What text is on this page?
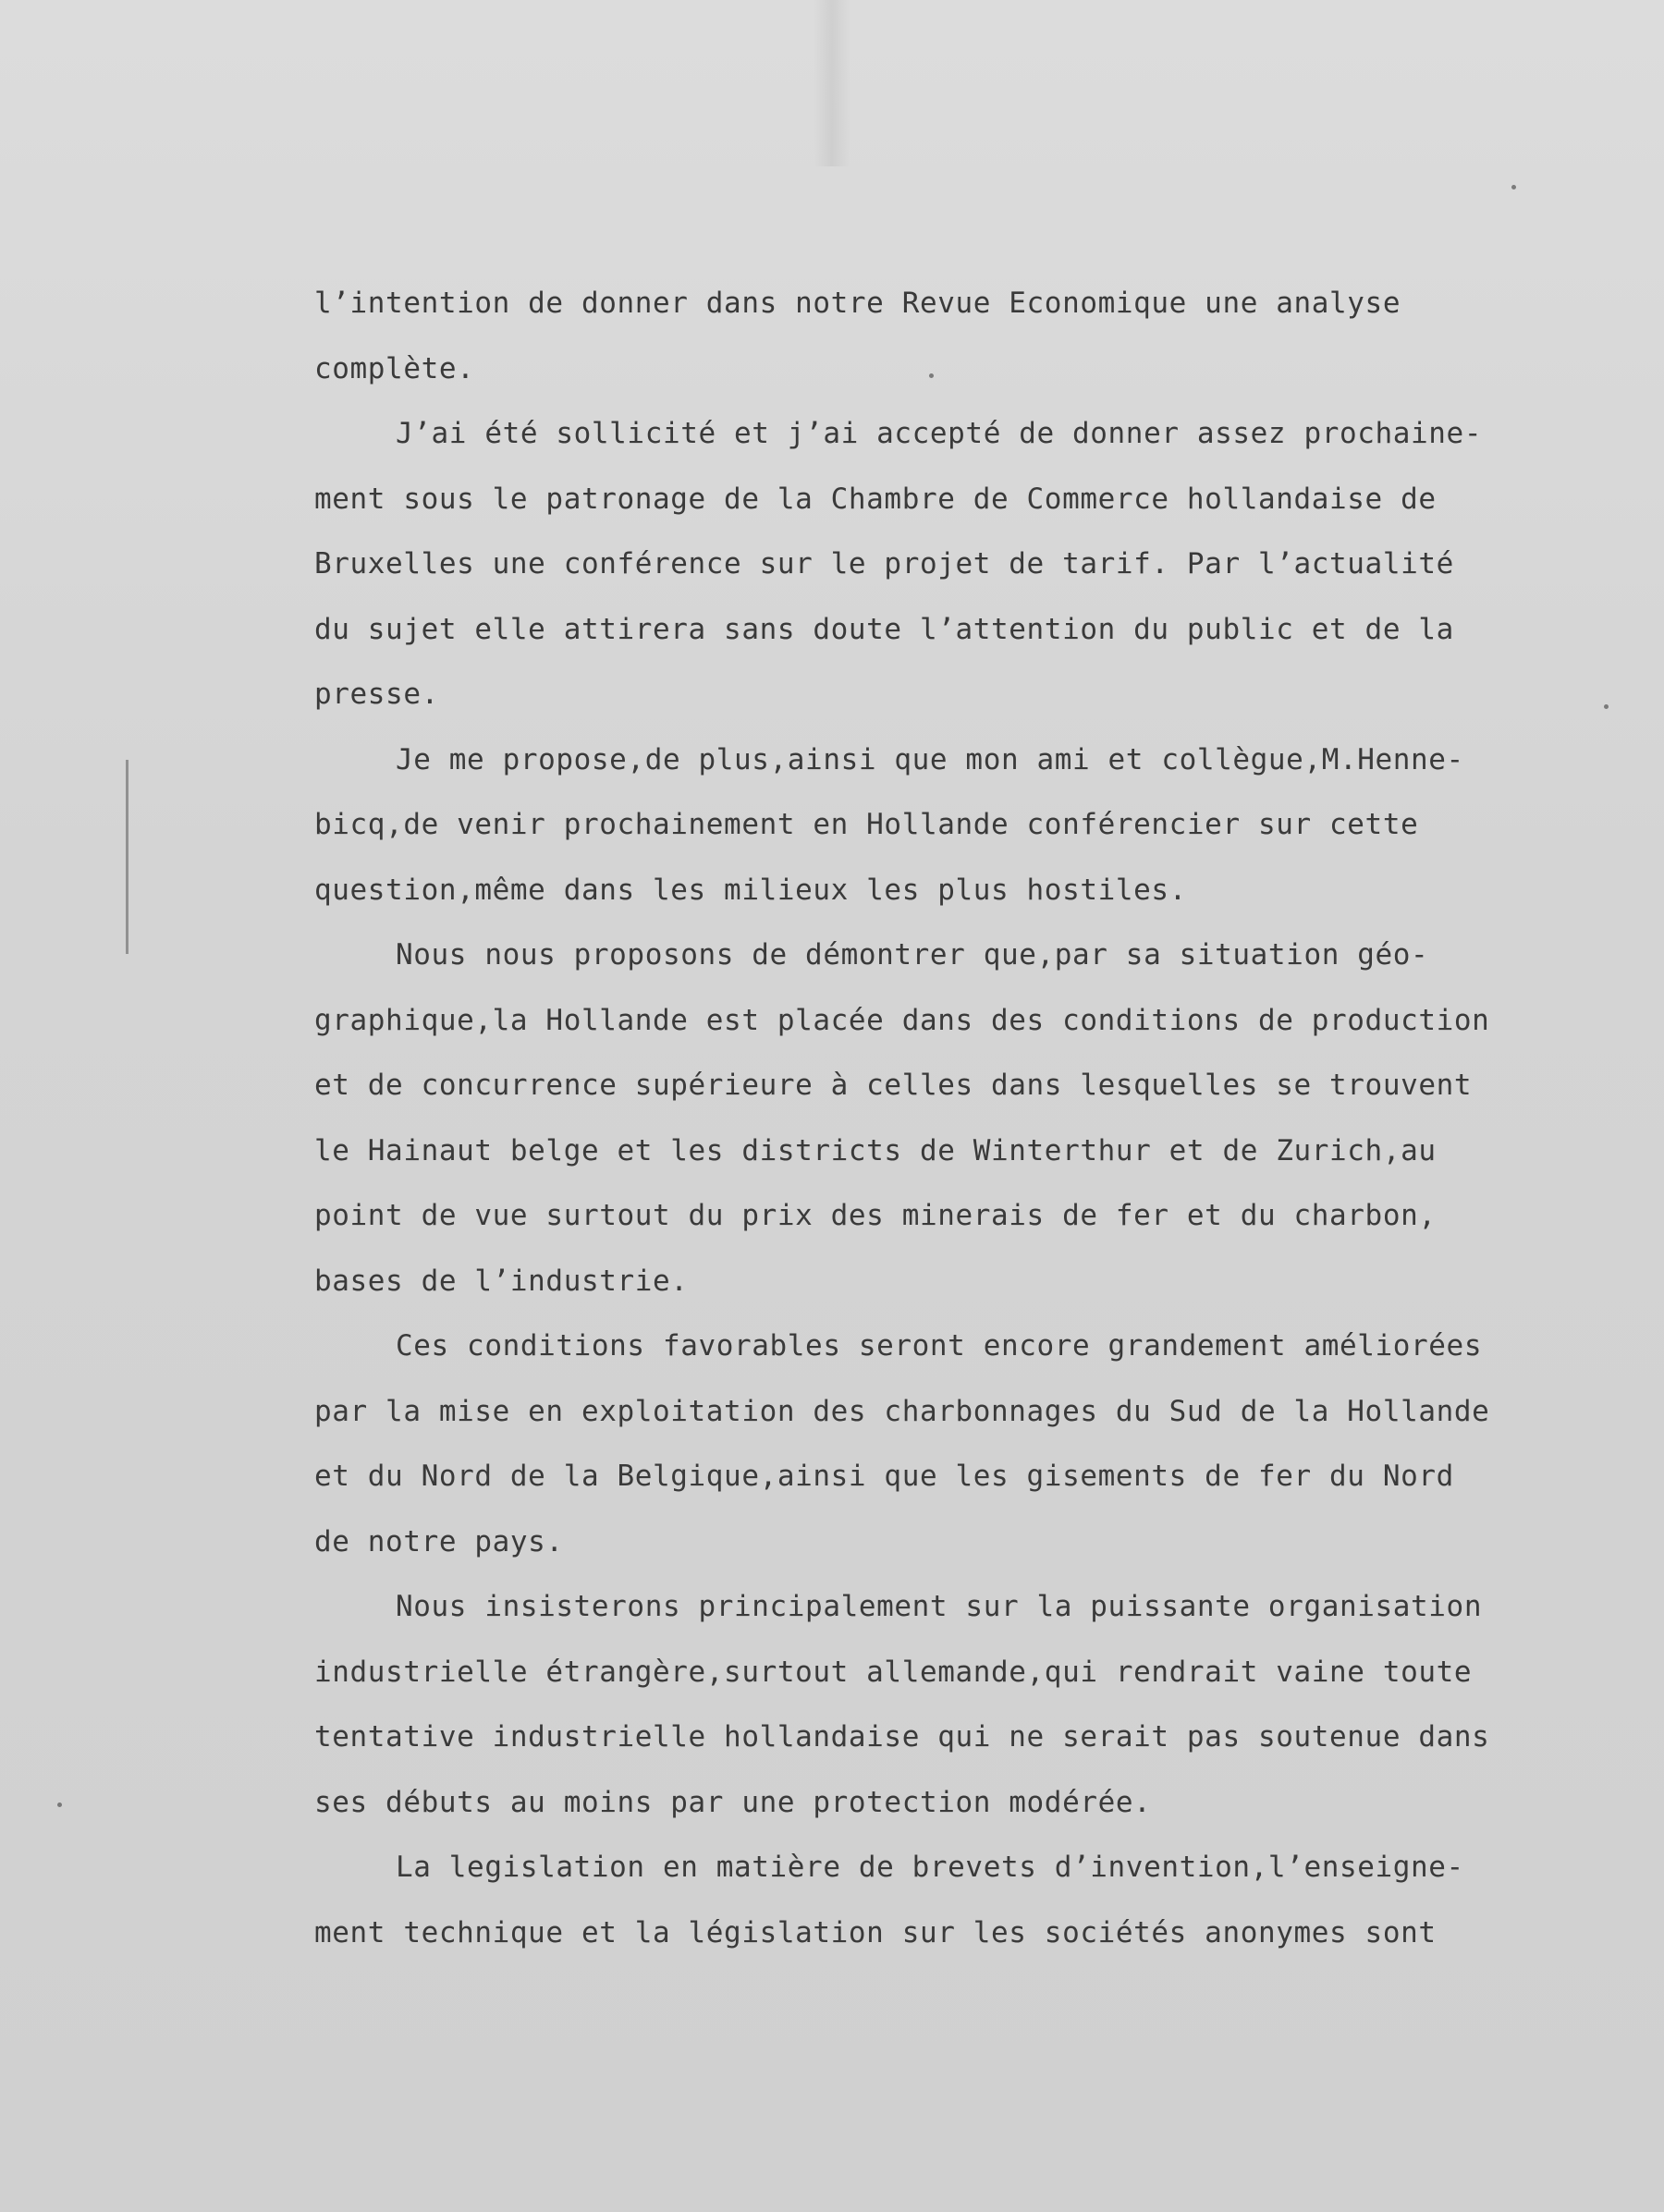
l’intention de donner dans notre Revue Economique une analyse
complète.
J’ai été sollicité et j’ai accepté de donner assez prochaine-
ment sous le patronage de la Chambre de Commerce hollandaise de
Bruxelles une conférence sur le projet de tarif. Par l’actualité
du sujet elle attirera sans doute l’attention du public et de la
presse.
Je me propose,de plus,ainsi que mon ami et collègue,M.Henne-
bicq,de venir prochainement en Hollande conférencier sur cette
question,même dans les milieux les plus hostiles.
Nous nous proposons de démontrer que,par sa situation géo-
graphique,la Hollande est placée dans des conditions de production
et de concurrence supérieure à celles dans lesquelles se trouvent
le Hainaut belge et les districts de Winterthur et de Zurich,au
point de vue surtout du prix des minerais de fer et du charbon,
bases de l’industrie.
Ces conditions favorables seront encore grandement améliorées
par la mise en exploitation des charbonnages du Sud de la Hollande
et du Nord de la Belgique,ainsi que les gisements de fer du Nord
de notre pays.
Nous insisterons principalement sur la puissante organisation
industrielle étrangère,surtout allemande,qui rendrait vaine toute
tentative industrielle hollandaise qui ne serait pas soutenue dans
ses débuts au moins par une protection modérée.
La legislation en matière de brevets d’invention,l’enseigne-
ment technique et la législation sur les sociétés anonymes sont
